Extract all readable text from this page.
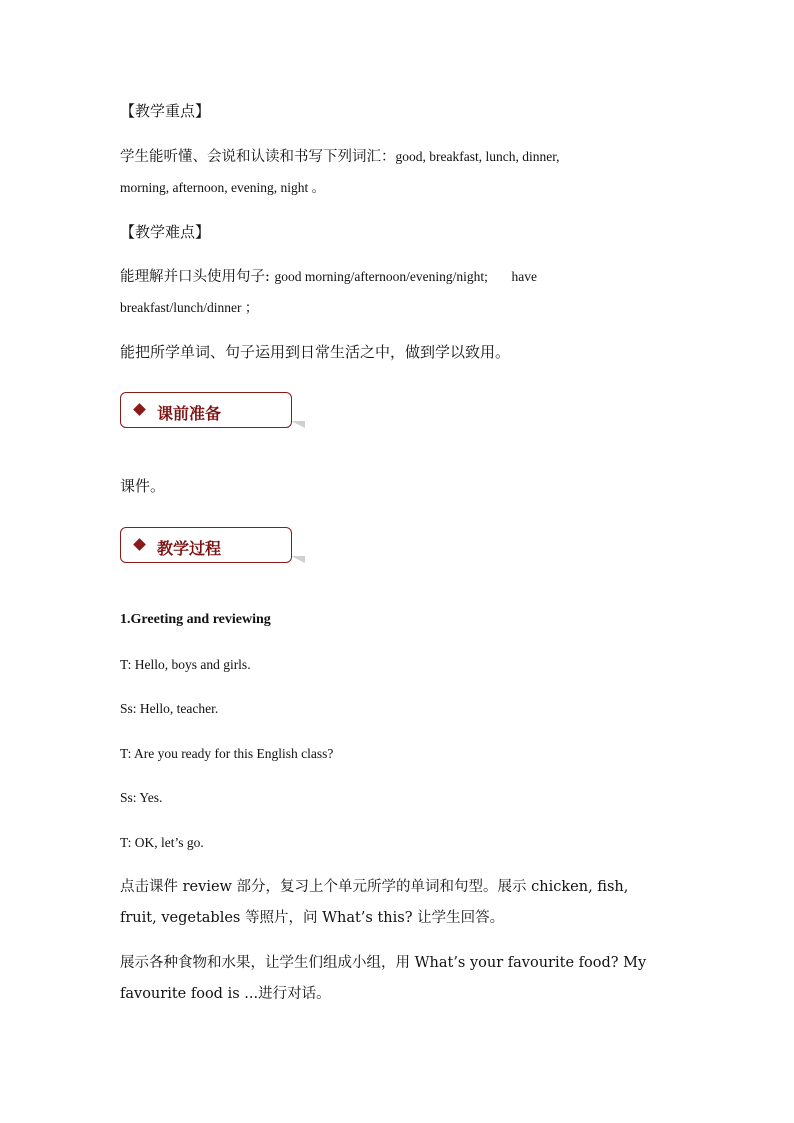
【教学重点】
学生能听懂、会说和认读和书写下列词汇：good, breakfast, lunch, dinner,
morning, afternoon, evening, night 。
【教学难点】
能理解并口头使用句子: good morning/afternoon/evening/night;       have
breakfast/lunch/dinner ；
能把所学单词、句子运用到日常生活之中，做到学以致用。
课前准备
课件。
教学过程
1.Greeting and reviewing
T: Hello, boys and girls.
Ss: Hello, teacher.
T: Are you ready for this English class?
Ss: Yes.
T: OK, let’s go.
点击课件 review 部分，复习上个单元所学的单词和句型。展示 chicken, fish,
fruit, vegetables 等照片，问 What’s this? 让学生回答。
展示各种食物和水果，让学生们组成小组，用 What’s your favourite food? My
favourite food is ...进行对话。
